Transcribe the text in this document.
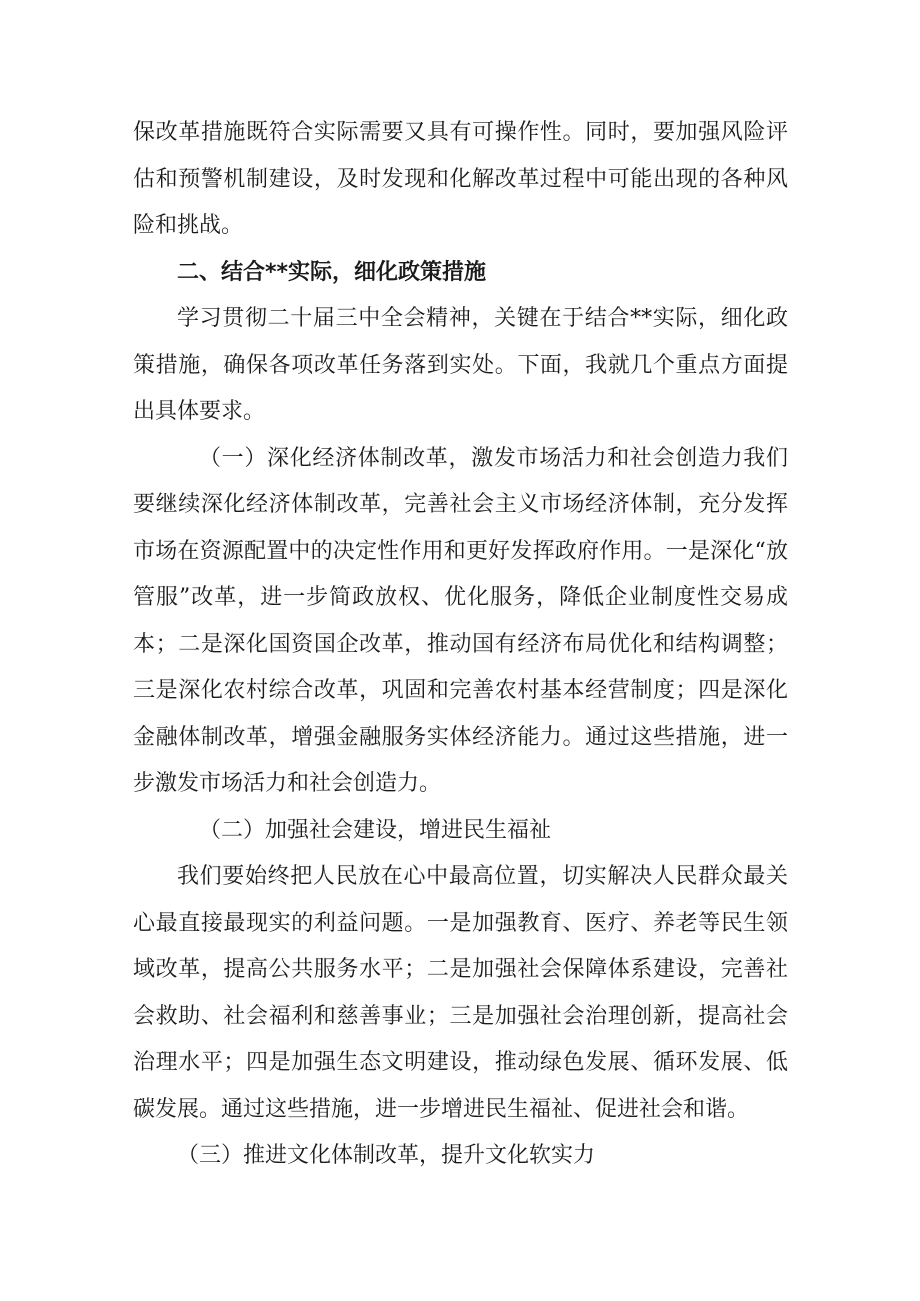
保改革措施既符合实际需要又具有可操作性。同时，要加强风险评估和预警机制建设，及时发现和化解改革过程中可能出现的各种风险和挑战。

二、结合**实际，细化政策措施

学习贯彻二十届三中全会精神，关键在于结合**实际，细化政策措施，确保各项改革任务落到实处。下面，我就几个重点方面提出具体要求。

（一）深化经济体制改革，激发市场活力和社会创造力我们要继续深化经济体制改革，完善社会主义市场经济体制，充分发挥市场在资源配置中的决定性作用和更好发挥政府作用。一是深化“放管服”改革，进一步简政放权、优化服务，降低企业制度性交易成本；二是深化国资国企改革，推动国有经济布局优化和结构调整；三是深化农村综合改革，巩固和完善农村基本经营制度；四是深化金融体制改革，增强金融服务实体经济能力。通过这些措施，进一步激发市场活力和社会创造力。

（二）加强社会建设，增进民生福祉

我们要始终把人民放在心中最高位置，切实解决人民群众最关心最直接最现实的利益问题。一是加强教育、医疗、养老等民生领域改革，提高公共服务水平；二是加强社会保障体系建设，完善社会救助、社会福利和慈善事业；三是加强社会治理创新，提高社会治理水平；四是加强生态文明建设，推动绿色发展、循环发展、低碳发展。通过这些措施，进一步增进民生福祉、促进社会和谐。

（三）推进文化体制改革，提升文化软实力
